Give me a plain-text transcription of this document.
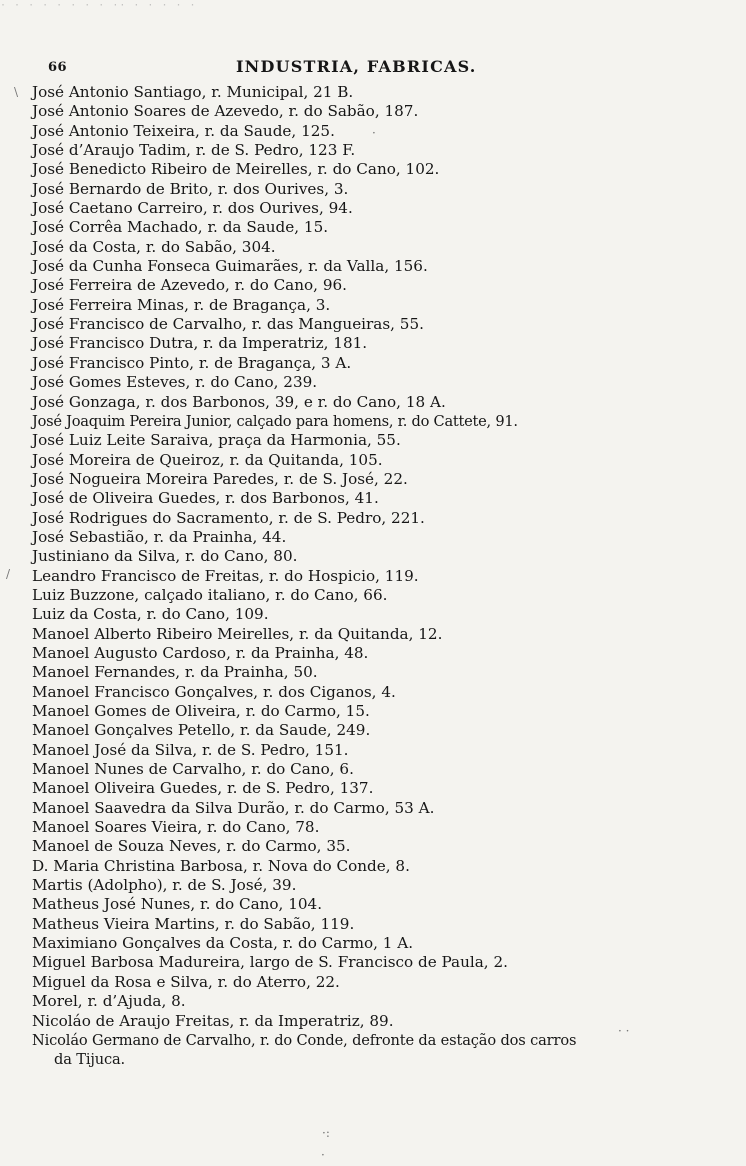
· · · · · · · · ·· · · · · ·
66	INDUSTRIA, FABRICAS.
\
·
/
· ·
·:
·
José Antonio Santiago, r. Municipal, 21 B.
José Antonio Soares de Azevedo, r. do Sabão, 187.
José Antonio Teixeira, r. da Saude, 125.
José d’Araujo Tadim, r. de S. Pedro, 123 F.
José Benedicto Ribeiro de Meirelles, r. do Cano, 102.
José Bernardo de Brito, r. dos Ourives, 3.
José Caetano Carreiro, r. dos Ourives, 94.
José Corrêa Machado, r. da Saude, 15.
José da Costa, r. do Sabão, 304.
José da Cunha Fonseca Guimarães, r. da Valla, 156.
José Ferreira de Azevedo, r. do Cano, 96.
José Ferreira Minas, r. de Bragança, 3.
José Francisco de Carvalho, r. das Mangueiras, 55.
José Francisco Dutra, r. da Imperatriz, 181.
José Francisco Pinto, r. de Bragança, 3 A.
José Gomes Esteves, r. do Cano, 239.
José Gonzaga, r. dos Barbonos, 39, e r. do Cano, 18 A.
José Joaquim Pereira Junior, calçado para homens, r. do Cattete, 91.
José Luiz Leite Saraiva, praça da Harmonia, 55.
José Moreira de Queiroz, r. da Quitanda, 105.
José Nogueira Moreira Paredes, r. de S. José, 22.
José de Oliveira Guedes, r. dos Barbonos, 41.
José Rodrigues do Sacramento, r. de S. Pedro, 221.
José Sebastião, r. da Prainha, 44.
Justiniano da Silva, r. do Cano, 80.
Leandro Francisco de Freitas, r. do Hospicio, 119.
Luiz Buzzone, calçado italiano, r. do Cano, 66.
Luiz da Costa, r. do Cano, 109.
Manoel Alberto Ribeiro Meirelles, r. da Quitanda, 12.
Manoel Augusto Cardoso, r. da Prainha, 48.
Manoel Fernandes, r. da Prainha, 50.
Manoel Francisco Gonçalves, r. dos Ciganos, 4.
Manoel Gomes de Oliveira, r. do Carmo, 15.
Manoel Gonçalves Petello, r. da Saude, 249.
Manoel José da Silva, r. de S. Pedro, 151.
Manoel Nunes de Carvalho, r. do Cano, 6.
Manoel Oliveira Guedes, r. de S. Pedro, 137.
Manoel Saavedra da Silva Durão, r. do Carmo, 53 A.
Manoel Soares Vieira, r. do Cano, 78.
Manoel de Souza Neves, r. do Carmo, 35.
D. Maria Christina Barbosa, r. Nova do Conde, 8.
Martis (Adolpho), r. de S. José, 39.
Matheus José Nunes, r. do Cano, 104.
Matheus Vieira Martins, r. do Sabão, 119.
Maximiano Gonçalves da Costa, r. do Carmo, 1 A.
Miguel Barbosa Madureira, largo de S. Francisco de Paula, 2.
Miguel da Rosa e Silva, r. do Aterro, 22.
Morel, r. d’Ajuda, 8.
Nicoláo de Araujo Freitas, r. da Imperatriz, 89.
Nicoláo Germano de Carvalho, r. do Conde, defronte da estação dos carros
da Tijuca.
